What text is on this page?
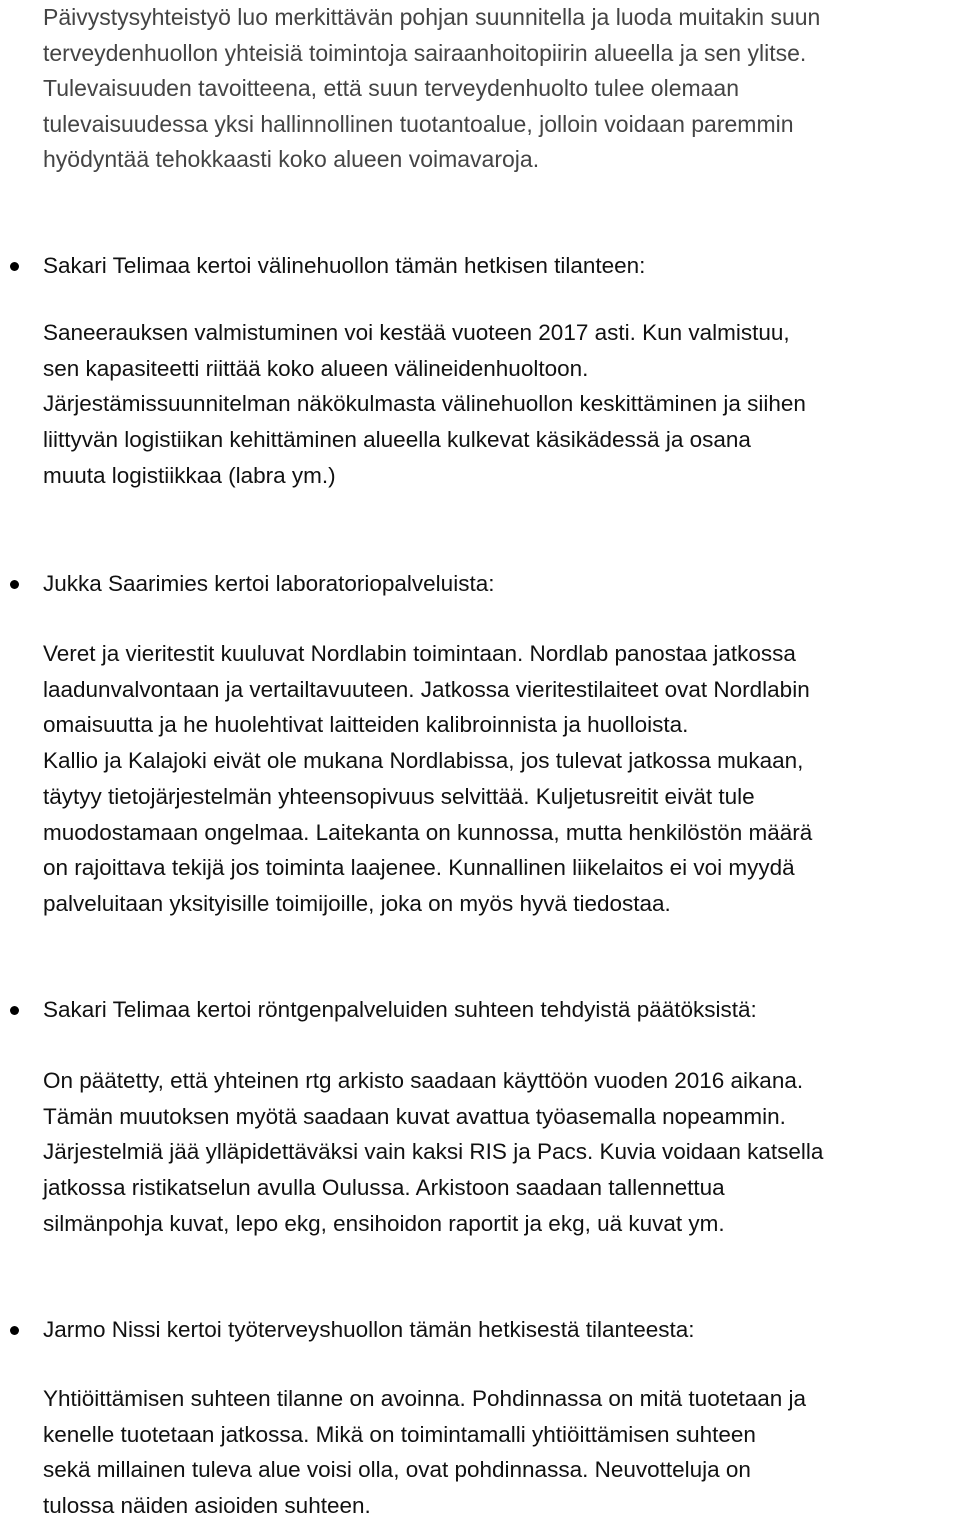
Päivystysyhteistyö luo merkittävän pohjan suunnitella ja luoda muitakin suun
terveydenhuollon yhteisiä toimintoja sairaanhoitopiirin alueella ja sen ylitse.
Tulevaisuuden tavoitteena, että suun terveydenhuolto tulee olemaan
tulevaisuudessa yksi hallinnollinen tuotantoalue, jolloin voidaan paremmin
hyödyntää tehokkaasti koko alueen voimavaroja.
Sakari Telimaa kertoi välinehuollon tämän hetkisen tilanteen:
Saneerauksen valmistuminen voi kestää vuoteen 2017 asti. Kun valmistuu,
sen kapasiteetti riittää koko alueen välineidenhuoltoon.
Järjestämissuunnitelman näkökulmasta välinehuollon keskittäminen ja siihen
liittyvän logistiikan kehittäminen alueella kulkevat käsikädessä ja osana
muuta logistiikkaa (labra ym.)
Jukka Saarimies kertoi laboratoriopalveluista:
Veret ja vieritestit kuuluvat Nordlabin toimintaan. Nordlab panostaa jatkossa
laadunvalvontaan ja vertailtavuuteen. Jatkossa vieritestilaiteet ovat Nordlabin
omaisuutta ja he huolehtivat laitteiden kalibroinnista ja huolloista.
Kallio ja Kalajoki eivät ole mukana Nordlabissa, jos tulevat jatkossa mukaan,
täytyy tietojärjestelmän yhteensopivuus selvittää. Kuljetusreitit eivät tule
muodostamaan ongelmaa. Laitekanta on kunnossa, mutta henkilöstön määrä
on rajoittava tekijä jos toiminta laajenee. Kunnallinen liikelaitos ei voi myydä
palveluitaan yksityisille toimijoille, joka on myös hyvä tiedostaa.
Sakari Telimaa kertoi röntgenpalveluiden suhteen tehdyistä päätöksistä:
On päätetty, että yhteinen rtg arkisto saadaan käyttöön vuoden 2016 aikana.
Tämän muutoksen myötä saadaan kuvat avattua työasemalla nopeammin.
Järjestelmiä jää ylläpidettäväksi vain kaksi RIS ja Pacs. Kuvia voidaan katsella
jatkossa ristikatselun avulla Oulussa. Arkistoon saadaan tallennettua
silmänpohja kuvat, lepo ekg, ensihoidon raportit ja ekg, uä kuvat ym.
Jarmo Nissi kertoi työterveyshuollon tämän hetkisestä tilanteesta:
Yhtiöittämisen suhteen tilanne on avoinna. Pohdinnassa on mitä tuotetaan ja
kenelle tuotetaan jatkossa. Mikä on toimintamalli yhtiöittämisen suhteen
sekä millainen tuleva alue voisi olla, ovat pohdinnassa. Neuvotteluja on
tulossa näiden asioiden suhteen.
